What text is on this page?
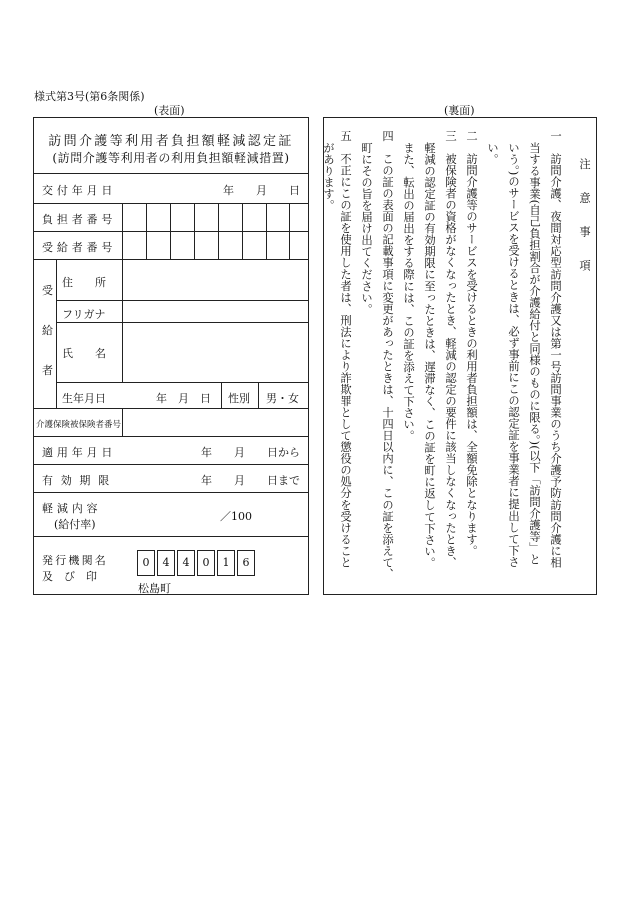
様式第3号(第6条関係)
(表面)	(裏面)
訪問介護等利用者負担額軽減認定証
(訪問介護等利用者の利用負担額軽減措置)
交付年月日	年　　月　　日
負担者番号
受給者番号
受
給
者
住　　所
フリガナ
氏　　名
生年月日	年　月　日 性別 男・女
介護保険被保険者番号
適用年月日	年　　月　　日から
有効期限	年　　月　　日まで
軽減内容
(給付率)
／100
発行機関名
及　び　印
0	4	4	0	1	6
松島町
注　意　事　項
一　訪問介護、夜間対応型訪問介護又は第一号訪問事業のうち介護予防訪問介護に相
当する事業(自己負担割合が介護給付と同様のものに限る。)(以下「訪問介護等」と
いう。)のサービスを受けるときは、必ず事前にこの認定証を事業者に提出して下さ
い。
二　訪問介護等のサービスを受けるときの利用者負担額は、全額免除となります。
三　被保険者の資格がなくなったとき、軽減の認定の要件に該当しなくなったとき、
軽減の認定証の有効期限に至ったときは、遅滞なく、この証を町に返して下さい。
また、転出の届出をする際には、この証を添えて下さい。
四　この証の表面の記載事項に変更があったときは、十四日以内に、この証を添えて、
町にその旨を届け出てください。
五　不正にこの証を使用した者は、刑法により詐欺罪として懲役の処分を受けること
があります。
